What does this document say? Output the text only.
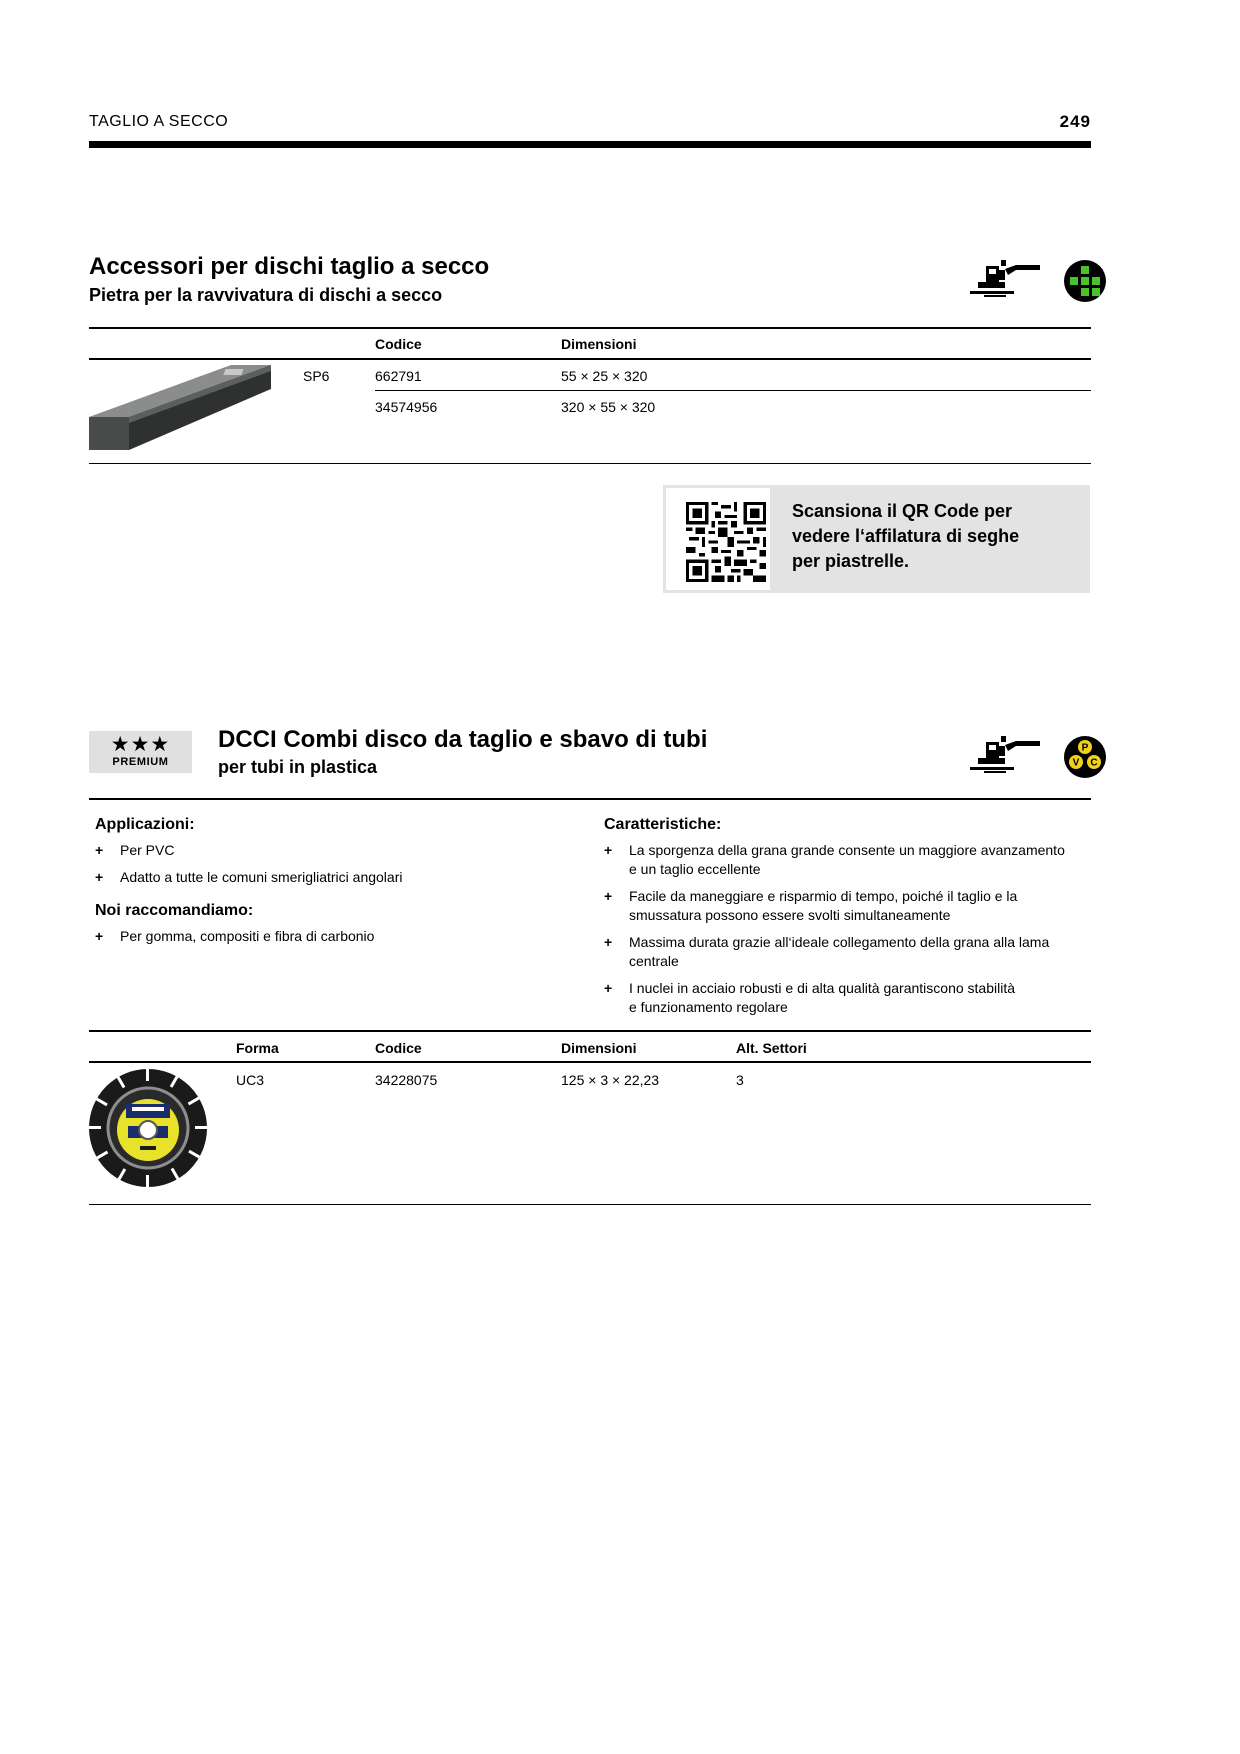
TAGLIO A SECCO	249
Accessori per dischi taglio a secco
Pietra per la ravvivatura di dischi a secco
Codice	Dimensioni
SP6	662791	55 × 25 × 320
34574956	320 × 55 × 320
Scansiona il QR Code per
vedere l‘affilatura di seghe
per piastrelle.
★★★
PREMIUM
DCCI Combi disco da taglio e sbavo di tubi
per tubi in plastica
P
V C
Applicazioni:
+ Per PVC
+ Adatto a tutte le comuni smerigliatrici angolari
Noi raccomandiamo:
+ Per gomma, compositi e fibra di carbonio
Caratteristiche:
+ La sporgenza della grana grande consente un maggiore avanzamento
e un taglio eccellente
+ Facile da maneggiare e risparmio di tempo, poiché il taglio e la
smussatura possono essere svolti simultaneamente
+ Massima durata grazie all‘ideale collegamento della grana alla lama
centrale
+ I nuclei in acciaio robusti e di alta qualità garantiscono stabilità
e funzionamento regolare
Forma	Codice	Dimensioni	Alt. Settori
UC3	34228075	125 × 3 × 22,23	3
